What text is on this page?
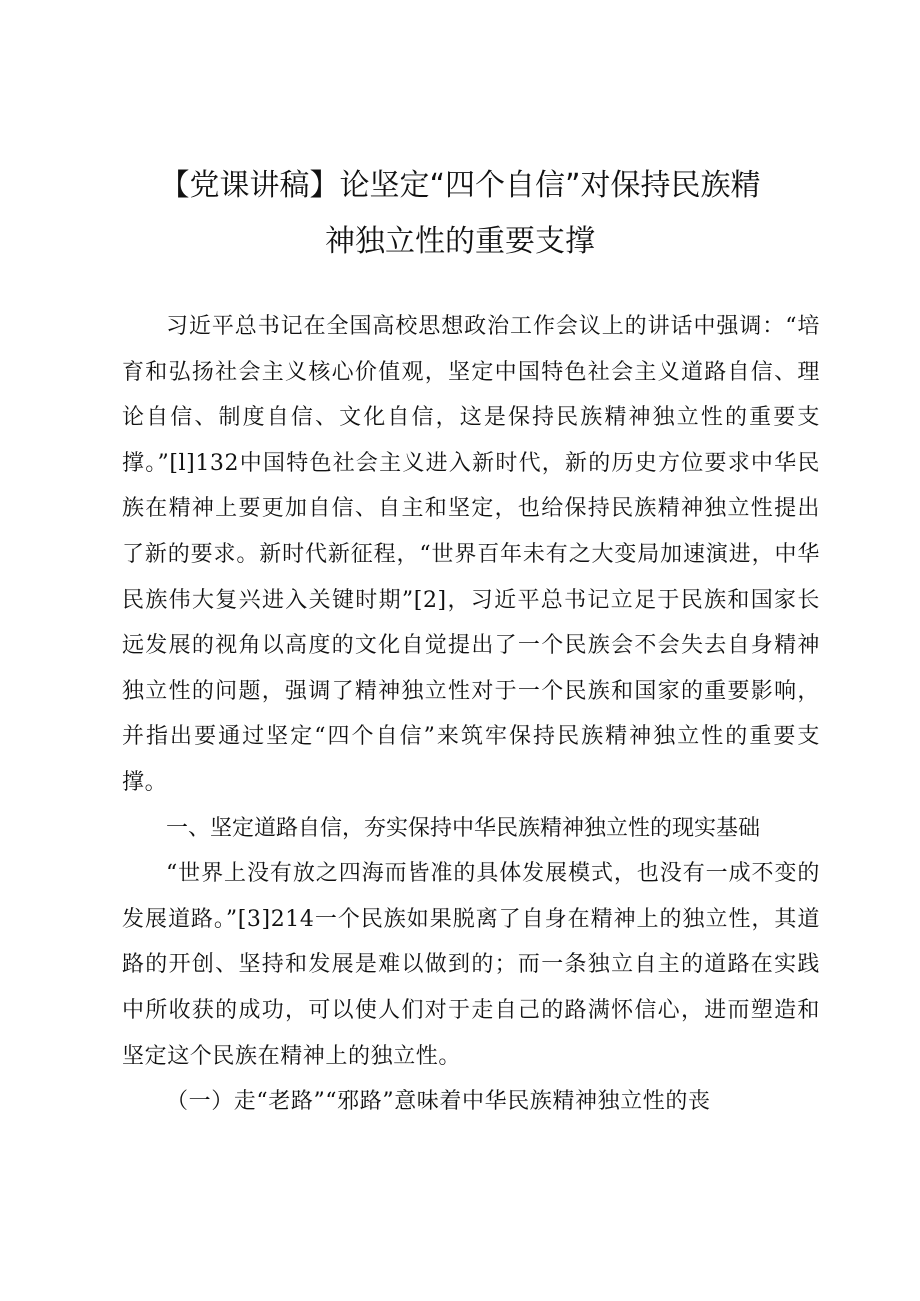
【党课讲稿】论坚定“四个自信”对保持民族精
神独立性的重要支撑

习近平总书记在全国高校思想政治工作会议上的讲话中强调：“培育和弘扬社会主义核心价值观，坚定中国特色社会主义道路自信、理论自信、制度自信、文化自信，这是保持民族精神独立性的重要支撑。”[l]132中国特色社会主义进入新时代，新的历史方位要求中华民族在精神上要更加自信、自主和坚定，也给保持民族精神独立性提出了新的要求。新时代新征程，“世界百年未有之大变局加速演进，中华民族伟大复兴进入关键时期”[2]，习近平总书记立足于民族和国家长远发展的视角以高度的文化自觉提出了一个民族会不会失去自身精神独立性的问题，强调了精神独立性对于一个民族和国家的重要影响，并指出要通过坚定“四个自信”来筑牢保持民族精神独立性的重要支撑。

一、坚定道路自信，夯实保持中华民族精神独立性的现实基础

“世界上没有放之四海而皆准的具体发展模式，也没有一成不变的发展道路。”[3]214一个民族如果脱离了自身在精神上的独立性，其道路的开创、坚持和发展是难以做到的；而一条独立自主的道路在实践中所收获的成功，可以使人们对于走自己的路满怀信心，进而塑造和坚定这个民族在精神上的独立性。

（一）走“老路”“邪路”意味着中华民族精神独立性的丧
